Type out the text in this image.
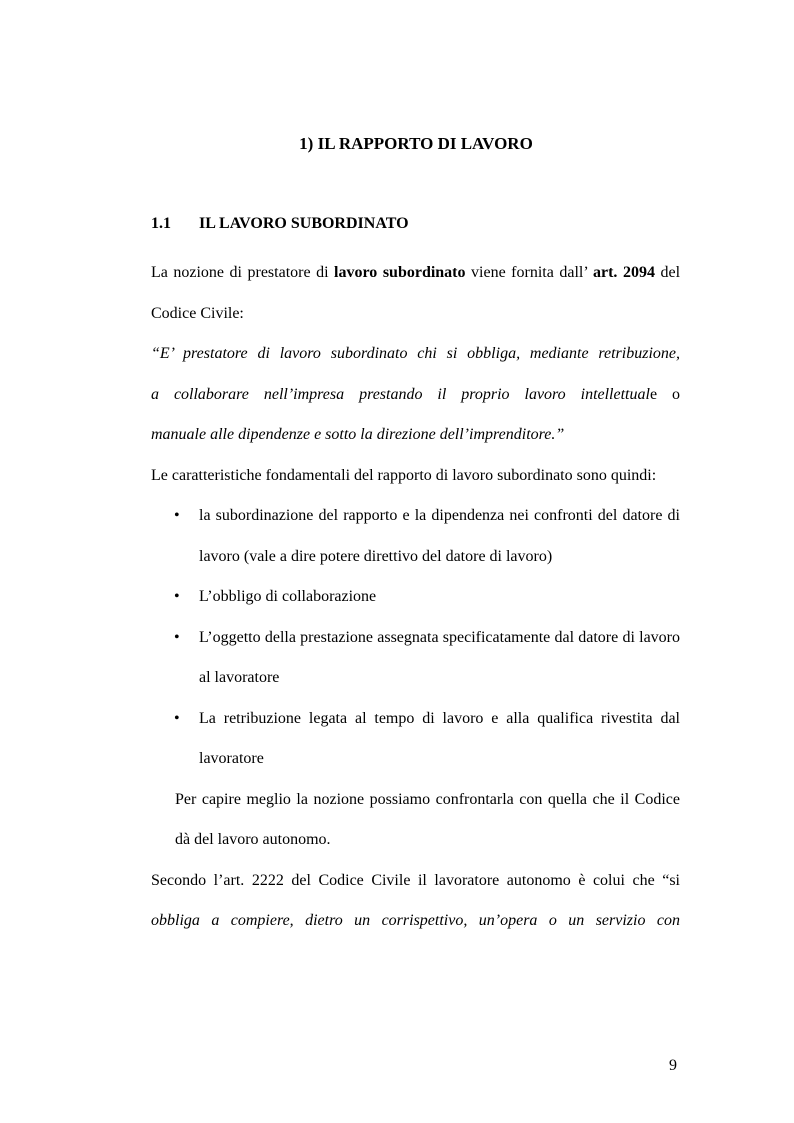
1) IL RAPPORTO DI LAVORO
1.1 IL LAVORO SUBORDINATO

La nozione di prestatore di lavoro subordinato viene fornita dall’ art. 2094 del Codice Civile:

“E’ prestatore di lavoro subordinato chi si obbliga, mediante retribuzione,
a collaborare nell’impresa prestando il proprio lavoro intellettuale o
manuale alle dipendenze e sotto la direzione dell’imprenditore.”

Le caratteristiche fondamentali del rapporto di lavoro subordinato sono quindi:

• la subordinazione del rapporto e la dipendenza nei confronti del datore di lavoro (vale a dire potere direttivo del datore di lavoro)
• L’obbligo di collaborazione
• L’oggetto della prestazione assegnata specificatamente dal datore di lavoro al lavoratore
• La retribuzione legata al tempo di lavoro e alla qualifica rivestita dal lavoratore

Per capire meglio la nozione possiamo confrontarla con quella che il Codice dà del lavoro autonomo.

Secondo l’art. 2222 del Codice Civile il lavoratore autonomo è colui che “si
obbliga a compiere, dietro un corrispettivo, un’opera o un servizio con
9
